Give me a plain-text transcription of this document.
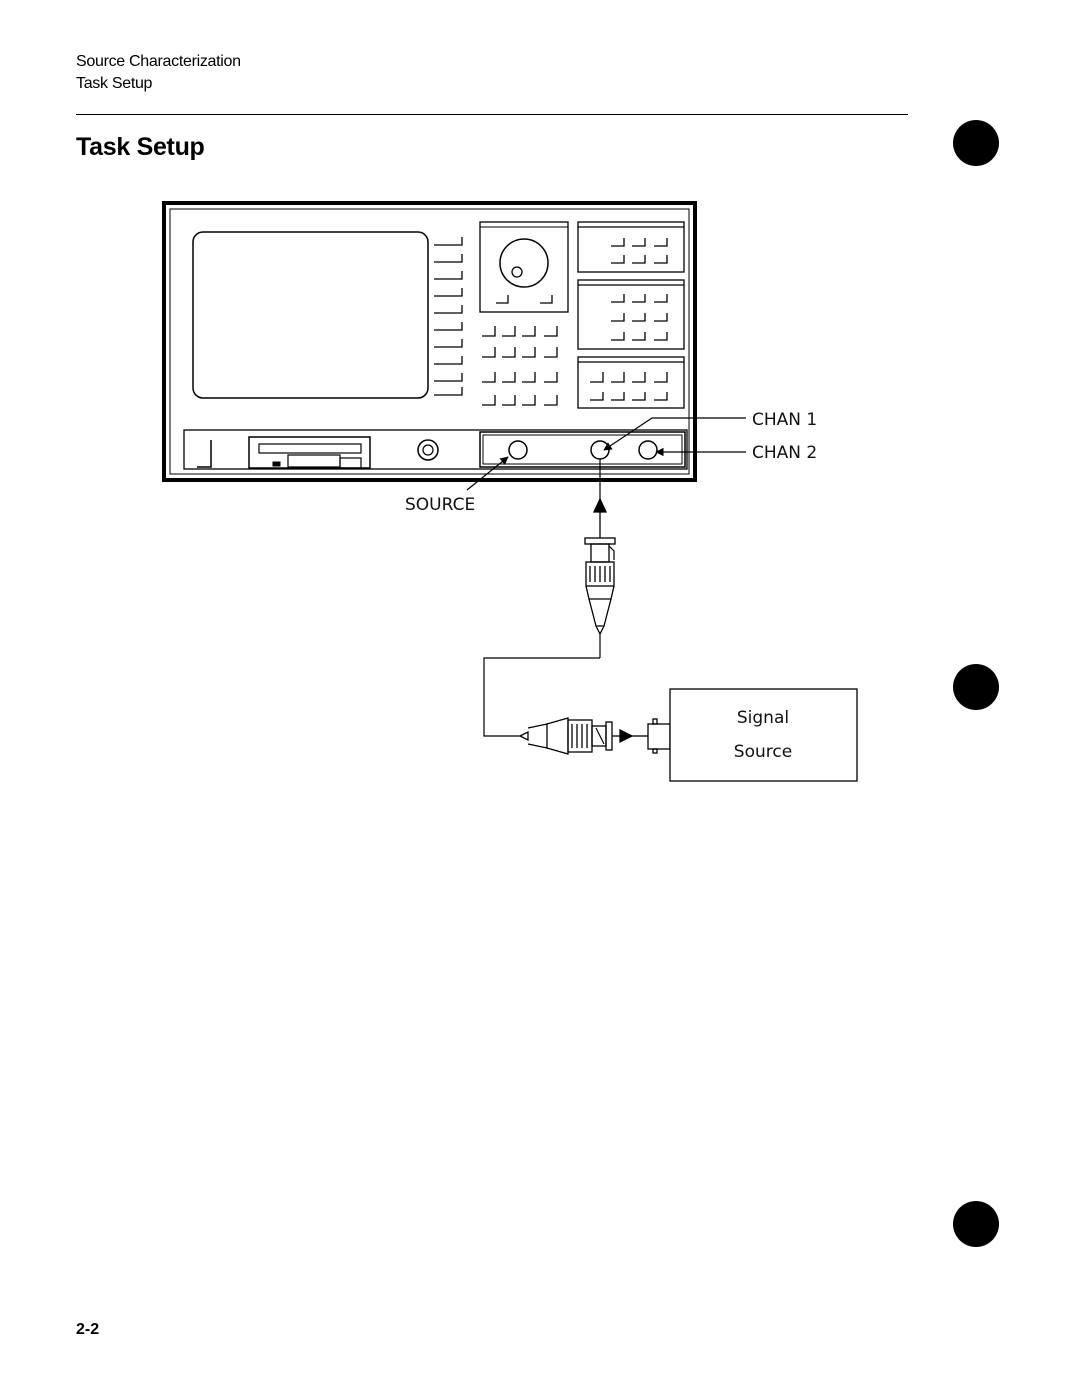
Source Characterization
Task Setup
Task Setup
CHAN 1
CHAN 2
SOURCE
Signal
Source
2-2
